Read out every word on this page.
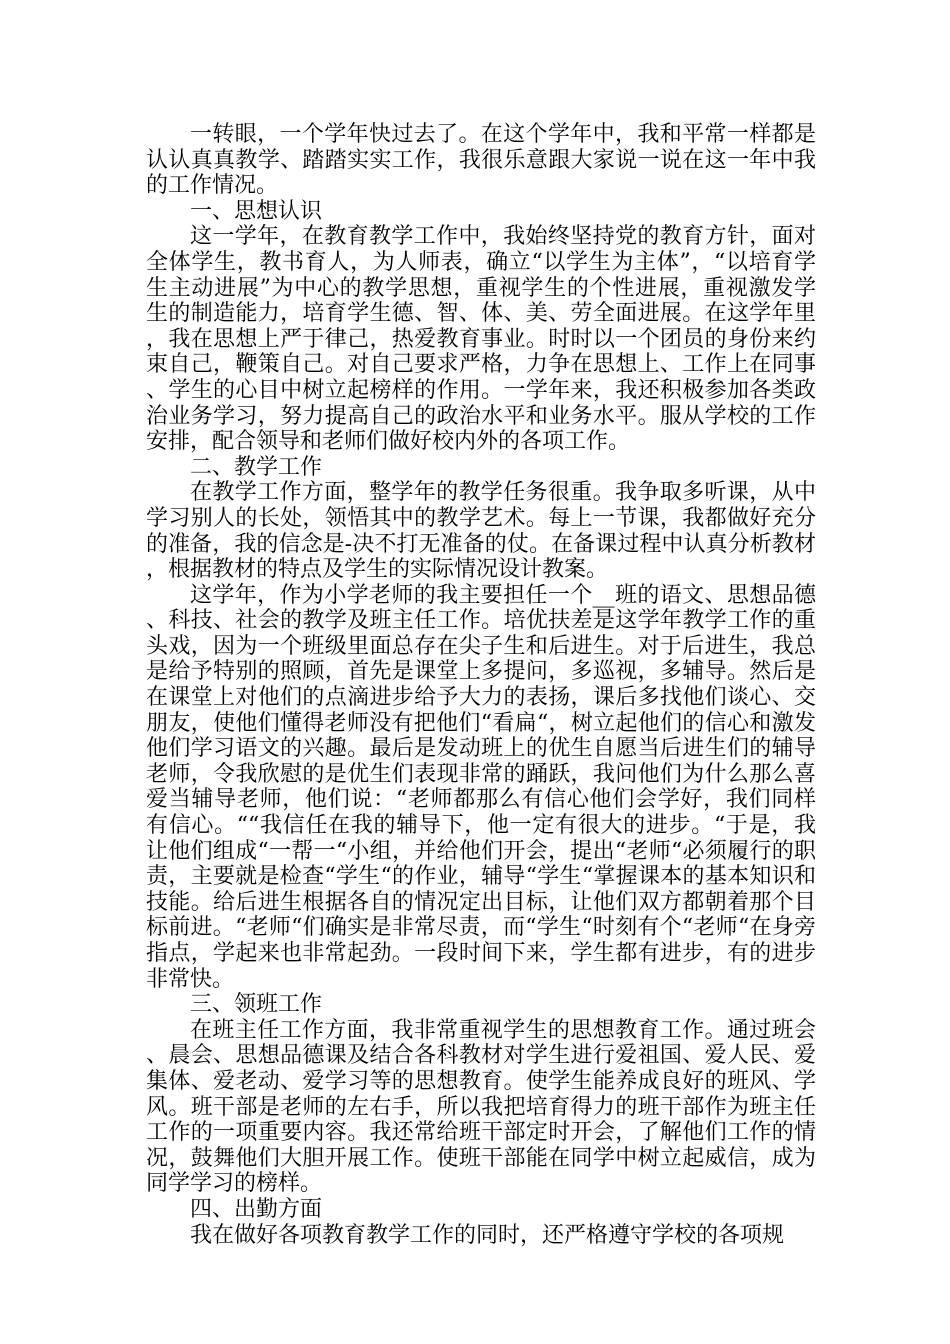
一转眼，一个学年快过去了。在这个学年中，我和平常一样都是认认真真教学、踏踏实实工作，我很乐意跟大家说一说在这一年中我的工作情况。

一、思想认识

这一学年，在教育教学工作中，我始终坚持党的教育方针，面对全体学生，教书育人，为人师表，确立“以学生为主体”，“以培育学生主动进展”为中心的教学思想，重视学生的个性进展，重视激发学生的制造能力，培育学生德、智、体、美、劳全面进展。在这学年里，我在思想上严于律己，热爱教育事业。时时以一个团员的身份来约束自己，鞭策自己。对自己要求严格，力争在思想上、工作上在同事、学生的心目中树立起榜样的作用。一学年来，我还积极参加各类政治业务学习，努力提高自己的政治水平和业务水平。服从学校的工作安排，配合领导和老师们做好校内外的各项工作。

二、教学工作

在教学工作方面，整学年的教学任务很重。我争取多听课，从中学习别人的长处，领悟其中的教学艺术。每上一节课，我都做好充分的准备，我的信念是-决不打无准备的仗。在备课过程中认真分析教材，根据教材的特点及学生的实际情况设计教案。

这学年，作为小学老师的我主要担任一个__班的语文、思想品德、科技、社会的教学及班主任工作。培优扶差是这学年教学工作的重头戏，因为一个班级里面总存在尖子生和后进生。对于后进生，我总是给予特别的照顾，首先是课堂上多提问，多巡视，多辅导。然后是在课堂上对他们的点滴进步给予大力的表扬，课后多找他们谈心、交朋友，使他们懂得老师没有把他们“看扁“，树立起他们的信心和激发他们学习语文的兴趣。最后是发动班上的优生自愿当后进生们的辅导老师，令我欣慰的是优生们表现非常的踊跃，我问他们为什么那么喜爱当辅导老师，他们说：“老师都那么有信心他们会学好，我们同样有信心。““我信任在我的辅导下，他一定有很大的进步。“于是，我让他们组成“一帮一“小组，并给他们开会，提出“老师“必须履行的职责，主要就是检查“学生“的作业，辅导“学生“掌握课本的基本知识和技能。给后进生根据各自的情况定出目标，让他们双方都朝着那个目标前进。“老师“们确实是非常尽责，而“学生“时刻有个“老师“在身旁指点，学起来也非常起劲。一段时间下来，学生都有进步，有的进步非常快。

三、领班工作

在班主任工作方面，我非常重视学生的思想教育工作。通过班会、晨会、思想品德课及结合各科教材对学生进行爱祖国、爱人民、爱集体、爱老动、爱学习等的思想教育。使学生能养成良好的班风、学风。班干部是老师的左右手，所以我把培育得力的班干部作为班主任工作的一项重要内容。我还常给班干部定时开会，了解他们工作的情况，鼓舞他们大胆开展工作。使班干部能在同学中树立起威信，成为同学学习的榜样。

四、出勤方面

我在做好各项教育教学工作的同时，还严格遵守学校的各项规
